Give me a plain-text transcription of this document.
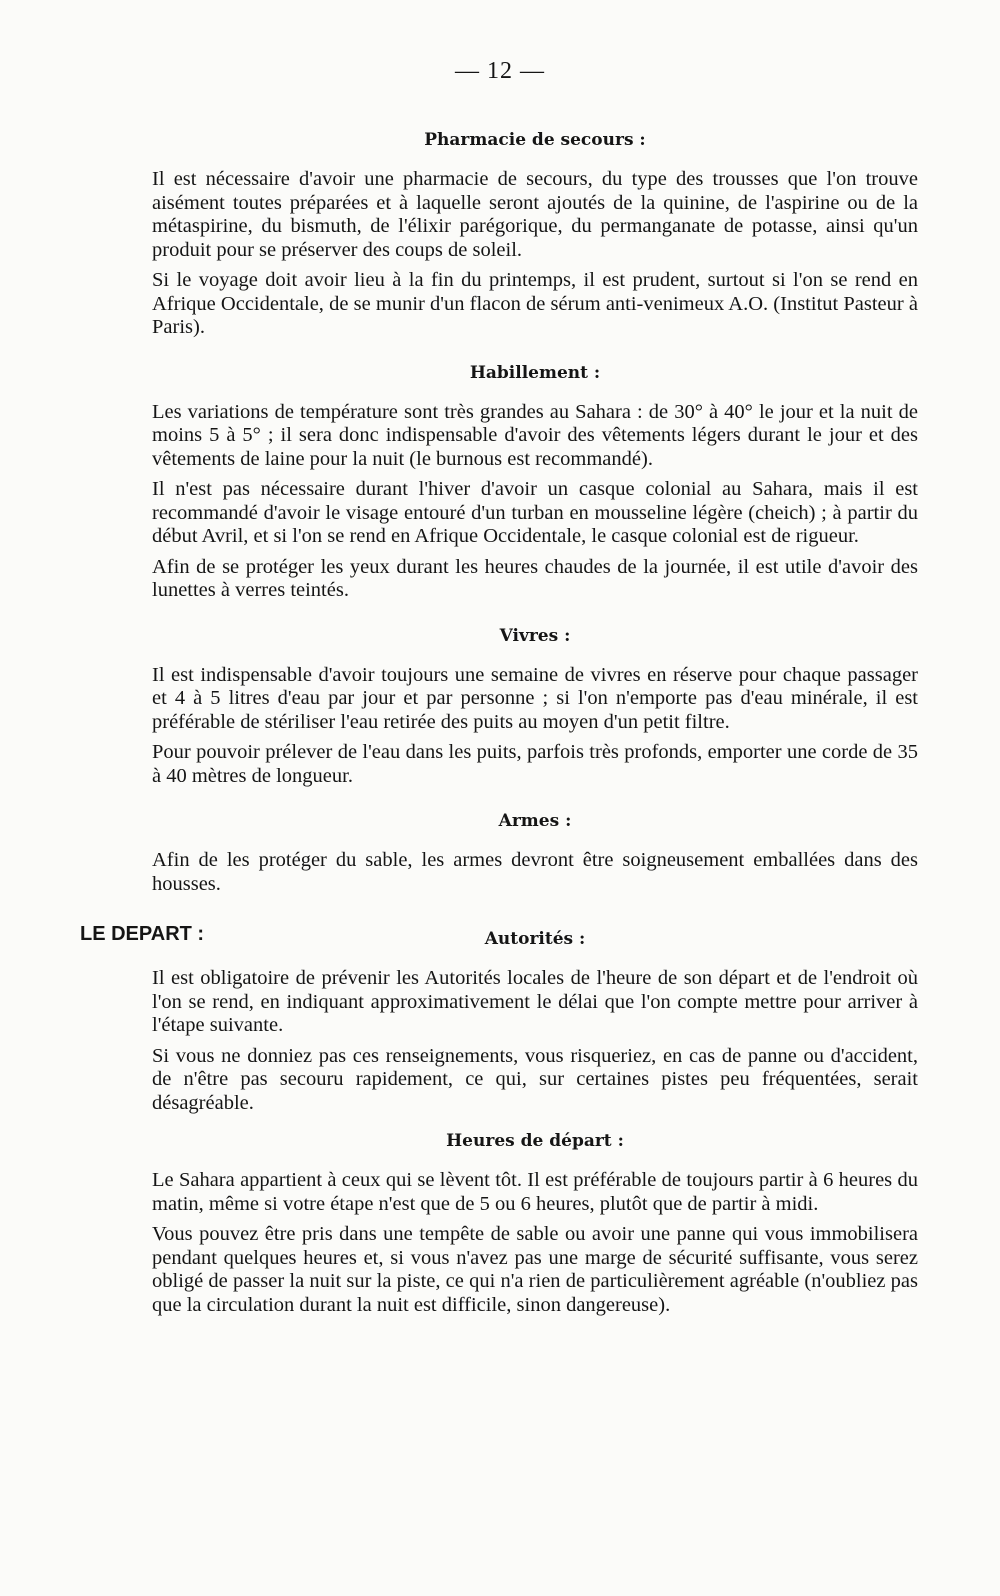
— 12 —
Pharmacie de secours :

Il est nécessaire d'avoir une pharmacie de secours, du type des trousses que l'on trouve aisément toutes préparées et à laquelle seront ajoutés de la quinine, de l'aspirine ou de la métaspirine, du bismuth, de l'élixir parégorique, du permanganate de potasse, ainsi qu'un produit pour se préserver des coups de soleil.

Si le voyage doit avoir lieu à la fin du printemps, il est prudent, surtout si l'on se rend en Afrique Occidentale, de se munir d'un flacon de sérum anti-venimeux A.O. (Institut Pasteur à Paris).

Habillement :

Les variations de température sont très grandes au Sahara : de 30° à 40° le jour et la nuit de moins 5 à 5° ; il sera donc indispensable d'avoir des vêtements légers durant le jour et des vêtements de laine pour la nuit (le burnous est recommandé).

Il n'est pas nécessaire durant l'hiver d'avoir un casque colonial au Sahara, mais il est recommandé d'avoir le visage entouré d'un turban en mousseline légère (cheich) ; à partir du début Avril, et si l'on se rend en Afrique Occidentale, le casque colonial est de rigueur.

Afin de se protéger les yeux durant les heures chaudes de la journée, il est utile d'avoir des lunettes à verres teintés.

Vivres :

Il est indispensable d'avoir toujours une semaine de vivres en réserve pour chaque passager et 4 à 5 litres d'eau par jour et par personne ; si l'on n'emporte pas d'eau minérale, il est préférable de stériliser l'eau retirée des puits au moyen d'un petit filtre.

Pour pouvoir prélever de l'eau dans les puits, parfois très profonds, emporter une corde de 35 à 40 mètres de longueur.

Armes :

Afin de les protéger du sable, les armes devront être soigneusement emballées dans des housses.

LE DEPART :	Autorités :

Il est obligatoire de prévenir les Autorités locales de l'heure de son départ et de l'endroit où l'on se rend, en indiquant approximativement le délai que l'on compte mettre pour arriver à l'étape suivante.

Si vous ne donniez pas ces renseignements, vous risqueriez, en cas de panne ou d'accident, de n'être pas secouru rapidement, ce qui, sur certaines pistes peu fréquentées, serait désagréable.

Heures de départ :

Le Sahara appartient à ceux qui se lèvent tôt. Il est préférable de toujours partir à 6 heures du matin, même si votre étape n'est que de 5 ou 6 heures, plutôt que de partir à midi.

Vous pouvez être pris dans une tempête de sable ou avoir une panne qui vous immobilisera pendant quelques heures et, si vous n'avez pas une marge de sécurité suffisante, vous serez obligé de passer la nuit sur la piste, ce qui n'a rien de particulièrement agréable (n'oubliez pas que la circulation durant la nuit est difficile, sinon dangereuse).
